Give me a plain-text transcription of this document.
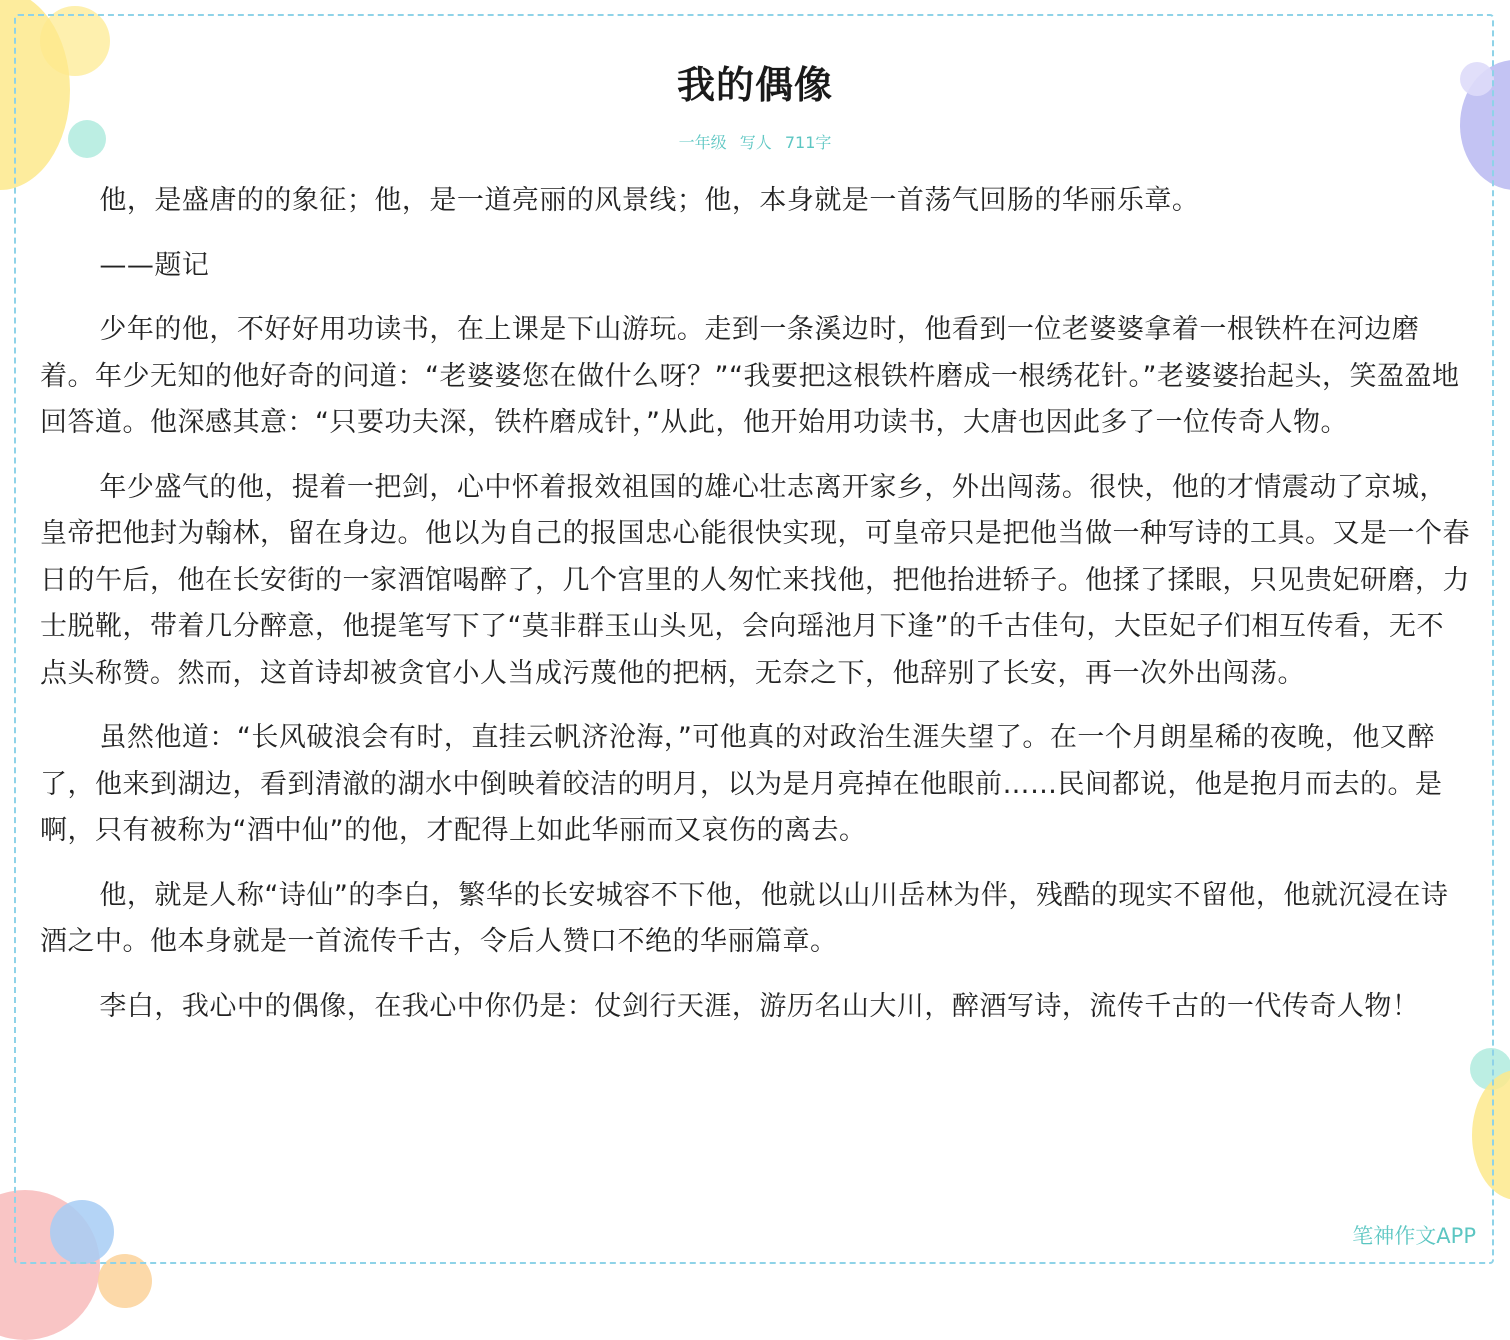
我的偶像
一年级 写人 711字

他，是盛唐的的象征；他，是一道亮丽的风景线；他，本身就是一首荡气回肠的华丽乐章。

——题记

少年的他，不好好用功读书，在上课是下山游玩。走到一条溪边时，他看到一位老婆婆拿着一根铁杵在河边磨着。年少无知的他好奇的问道：“老婆婆您在做什么呀？”“我要把这根铁杵磨成一根绣花针。”老婆婆抬起头，笑盈盈地回答道。他深感其意：“只要功夫深，铁杵磨成针，”从此，他开始用功读书，大唐也因此多了一位传奇人物。

年少盛气的他，提着一把剑，心中怀着报效祖国的雄心壮志离开家乡，外出闯荡。很快，他的才情震动了京城，皇帝把他封为翰林，留在身边。他以为自己的报国忠心能很快实现，可皇帝只是把他当做一种写诗的工具。又是一个春日的午后，他在长安街的一家酒馆喝醉了，几个宫里的人匆忙来找他，把他抬进轿子。他揉了揉眼，只见贵妃研磨，力士脱靴，带着几分醉意，他提笔写下了“莫非群玉山头见，会向瑶池月下逢”的千古佳句，大臣妃子们相互传看，无不点头称赞。然而，这首诗却被贪官小人当成污蔑他的把柄，无奈之下，他辞别了长安，再一次外出闯荡。

虽然他道：“长风破浪会有时，直挂云帆济沧海，”可他真的对政治生涯失望了。在一个月朗星稀的夜晚，他又醉了，他来到湖边，看到清澈的湖水中倒映着皎洁的明月，以为是月亮掉在他眼前……民间都说，他是抱月而去的。是啊，只有被称为“酒中仙”的他，才配得上如此华丽而又哀伤的离去。

他，就是人称“诗仙”的李白，繁华的长安城容不下他，他就以山川岳林为伴，残酷的现实不留他，他就沉浸在诗酒之中。他本身就是一首流传千古，令后人赞口不绝的华丽篇章。

李白，我心中的偶像，在我心中你仍是：仗剑行天涯，游历名山大川，醉酒写诗，流传千古的一代传奇人物！

笔神作文APP
